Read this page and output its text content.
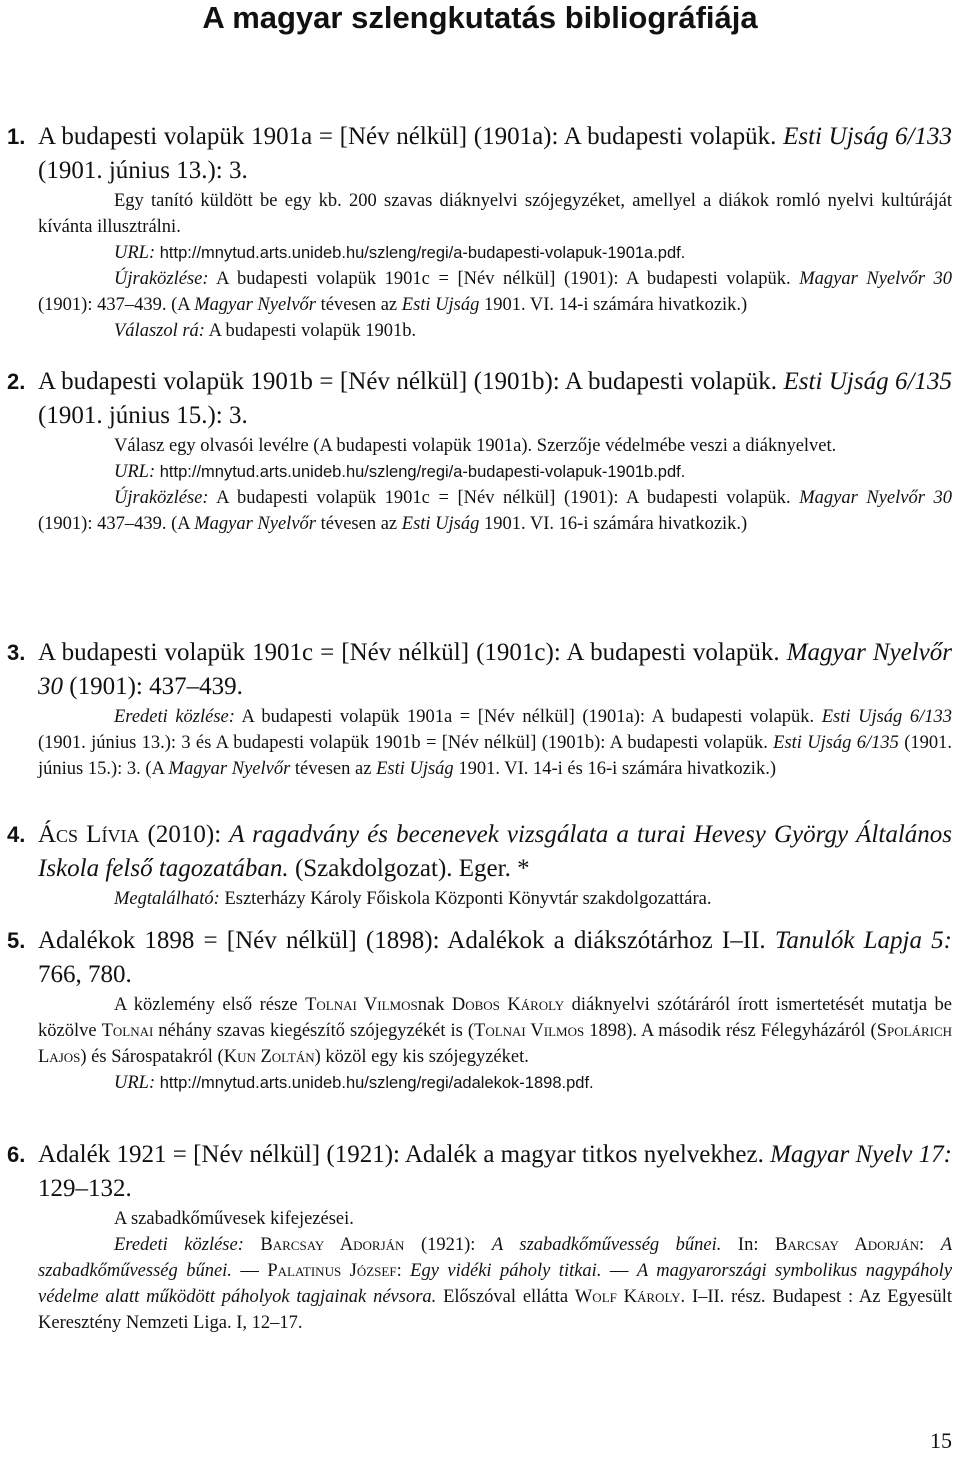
A magyar szlengkutatás bibliográfiája
1. A budapesti volapük 1901a = [Név nélkül] (1901a): A budapesti volapük. Esti Ujság 6/133 (1901. június 13.): 3.

Egy tanító küldött be egy kb. 200 szavas diáknyelvi szójegyzéket, amellyel a diákok romló nyelvi kultúráját kívánta illusztrálni.

URL: http://mnytud.arts.unideb.hu/szleng/regi/a-budapesti-volapuk-1901a.pdf.

Újraközlése: A budapesti volapük 1901c = [Név nélkül] (1901): A budapesti volapük. Magyar Nyelvőr 30 (1901): 437–439. (A Magyar Nyelvőr tévesen az Esti Ujság 1901. VI. 14-i számára hivatkozik.)

Válaszol rá: A budapesti volapük 1901b.

2. A budapesti volapük 1901b = [Név nélkül] (1901b): A budapesti volapük. Esti Ujság 6/135 (1901. június 15.): 3.

Válasz egy olvasói levélre (A budapesti volapük 1901a). Szerzője védelmébe veszi a diáknyelvet.

URL: http://mnytud.arts.unideb.hu/szleng/regi/a-budapesti-volapuk-1901b.pdf.

Újraközlése: A budapesti volapük 1901c = [Név nélkül] (1901): A budapesti volapük. Magyar Nyelvőr 30 (1901): 437–439. (A Magyar Nyelvőr tévesen az Esti Ujság 1901. VI. 16-i számára hivatkozik.)

3. A budapesti volapük 1901c = [Név nélkül] (1901c): A budapesti volapük. Magyar Nyelvőr 30 (1901): 437–439.

Eredeti közlése: A budapesti volapük 1901a = [Név nélkül] (1901a): A budapesti volapük. Esti Ujság 6/133 (1901. június 13.): 3 és A budapesti volapük 1901b = [Név nélkül] (1901b): A budapesti volapük. Esti Ujság 6/135 (1901. június 15.): 3. (A Magyar Nyelvőr tévesen az Esti Ujság 1901. VI. 14-i és 16-i számára hivatkozik.)

4. Ács Lívia (2010): A ragadvány és becenevek vizsgálata a turai Hevesy György Általános Iskola felső tagozatában. (Szakdolgozat). Eger. *

Megtalálható: Eszterházy Károly Főiskola Központi Könyvtár szakdolgozattára.

5. Adalékok 1898 = [Név nélkül] (1898): Adalékok a diákszótárhoz I–II. Tanulók Lapja 5: 766, 780.

A közlemény első része Tolnai Vilmosnak Dobos Károly diáknyelvi szótáráról írott ismertetését mutatja be közölve Tolnai néhány szavas kiegészítő szójegyzékét is (Tolnai Vilmos 1898). A második rész Félegyházáról (Spolárich Lajos) és Sárospatakról (Kun Zoltán) közöl egy kis szójegyzéket.

URL: http://mnytud.arts.unideb.hu/szleng/regi/adalekok-1898.pdf.

6. Adalék 1921 = [Név nélkül] (1921): Adalék a magyar titkos nyelvekhez. Magyar Nyelv 17: 129–132.

A szabadkőművesek kifejezései.

Eredeti közlése: Barcsay Adorján (1921): A szabadkőművesség bűnei. In: Barcsay Adorján: A szabadkőművesség bűnei. — Palatinus József: Egy vidéki páholy titkai. — A magyarországi symbolikus nagypáholy védelme alatt működött páholyok tagjainak névsora. Előszóval ellátta Wolf Károly. I–II. rész. Budapest : Az Egyesült Keresztény Nemzeti Liga. I, 12–17.

15
